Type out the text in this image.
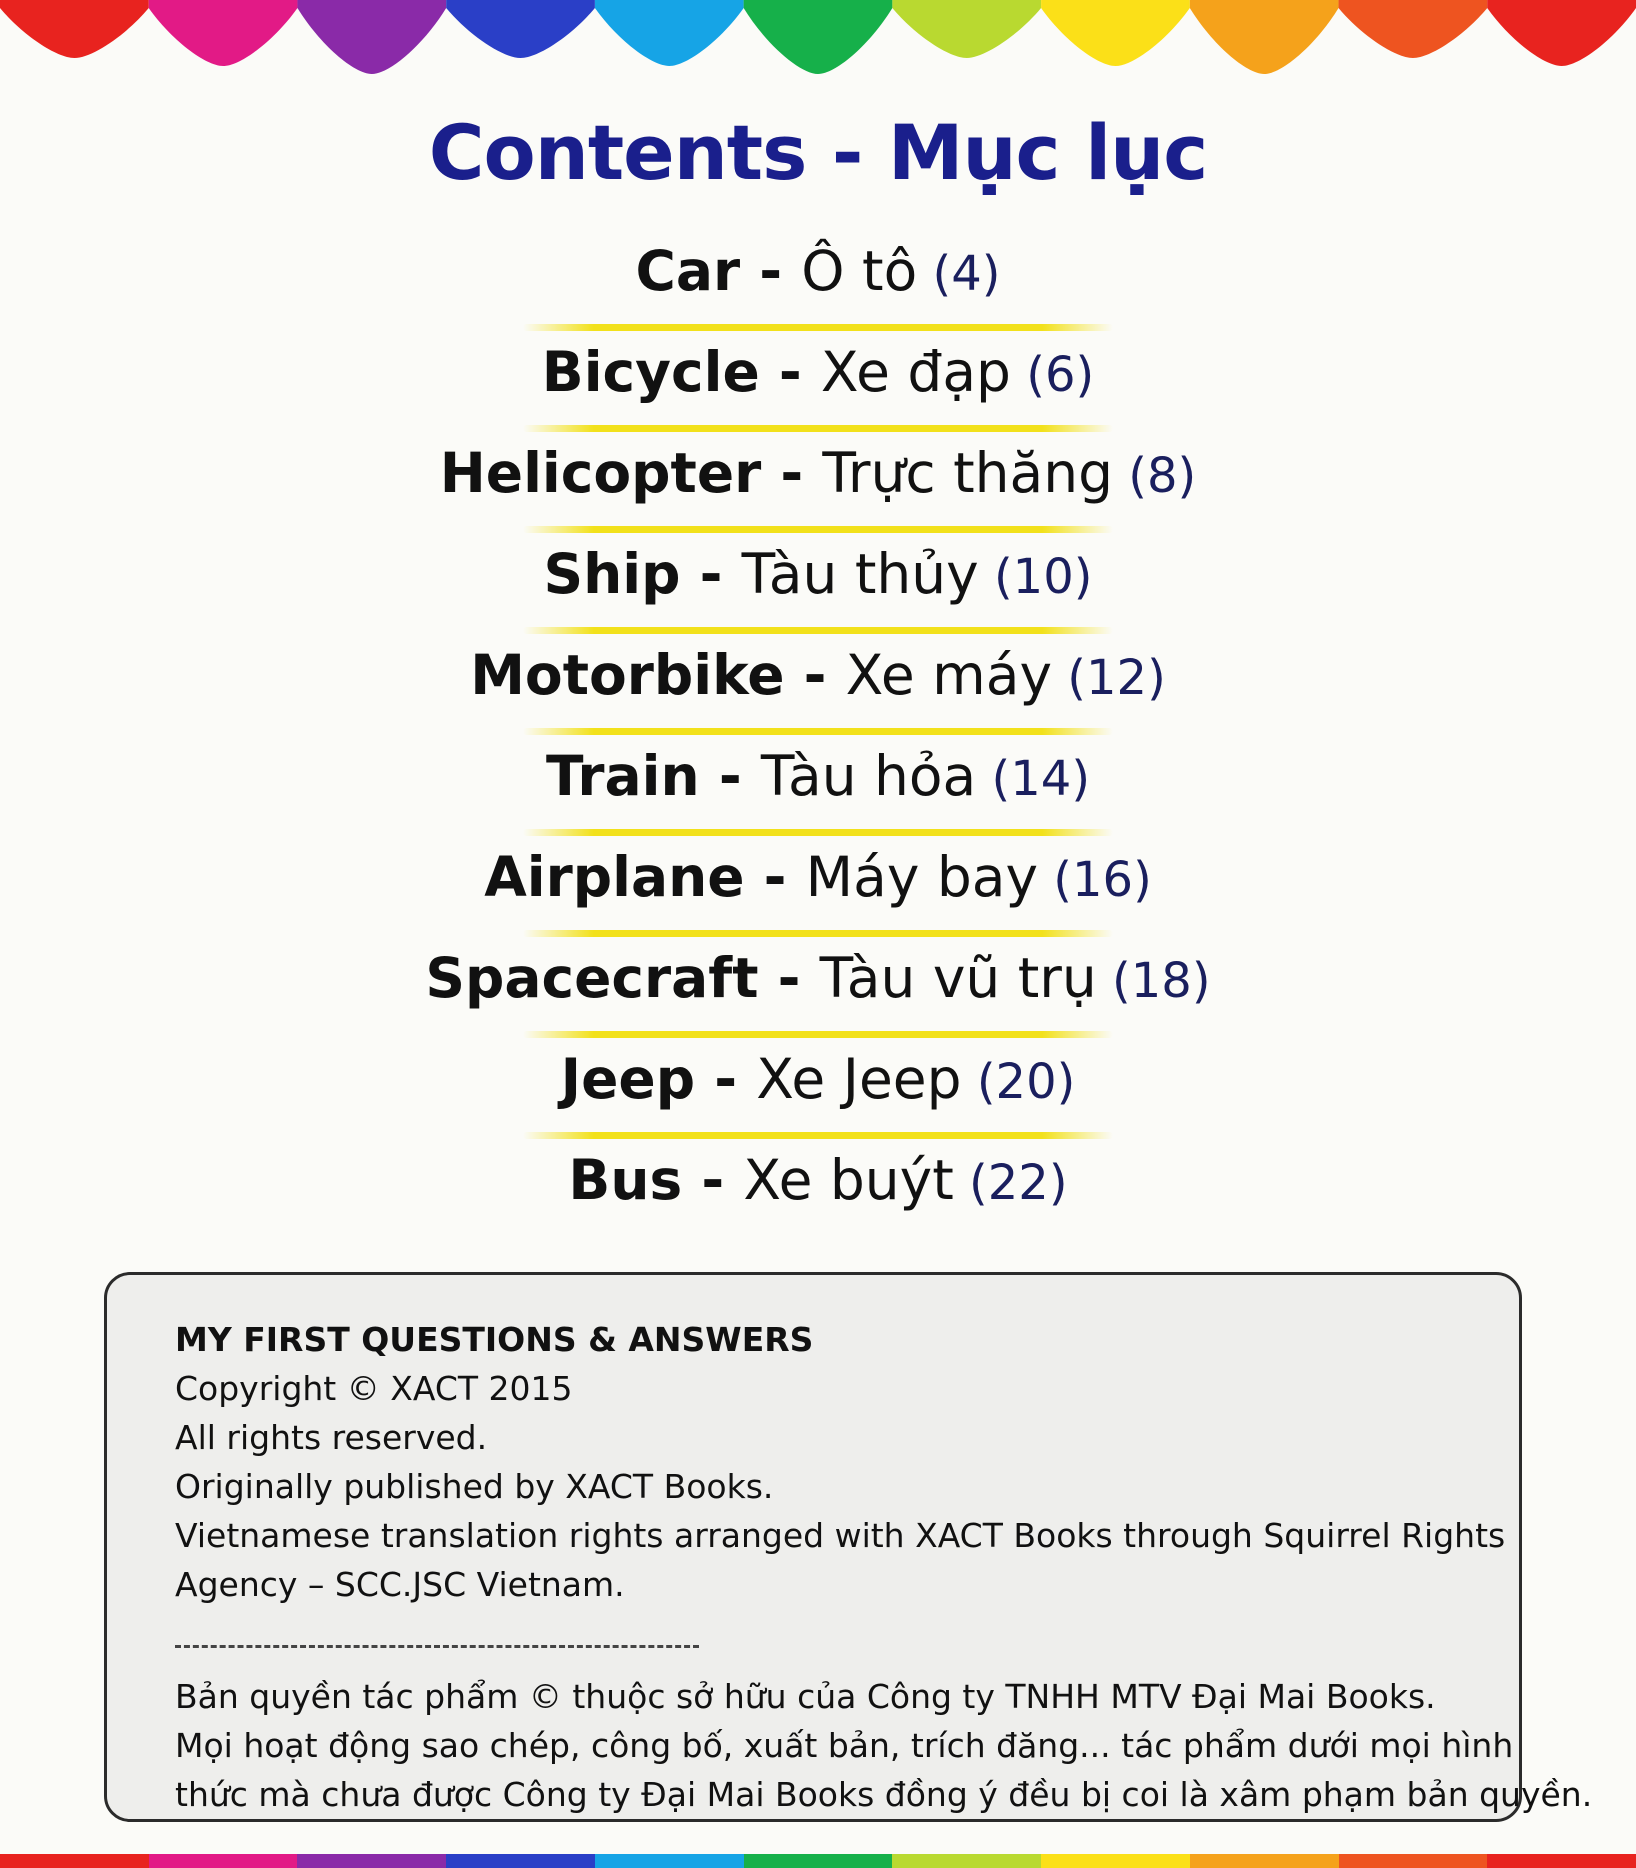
Contents - Mục lục
Car - Ô tô (4)
Bicycle - Xe đạp (6)
Helicopter - Trực thăng (8)
Ship - Tàu thủy (10)
Motorbike - Xe máy (12)
Train - Tàu hỏa (14)
Airplane - Máy bay (16)
Spacecraft - Tàu vũ trụ (18)
Jeep - Xe Jeep (20)
Bus - Xe buýt (22)
MY FIRST QUESTIONS & ANSWERS
Copyright © XACT 2015
All rights reserved.
Originally published by XACT Books.
Vietnamese translation rights arranged with XACT Books through Squirrel Rights
Agency – SCC.JSC Vietnam.
Bản quyền tác phẩm © thuộc sở hữu của Công ty TNHH MTV Đại Mai Books.
Mọi hoạt động sao chép, công bố, xuất bản, trích đăng... tác phẩm dưới mọi hình
thức mà chưa được Công ty Đại Mai Books đồng ý đều bị coi là xâm phạm bản quyền.
